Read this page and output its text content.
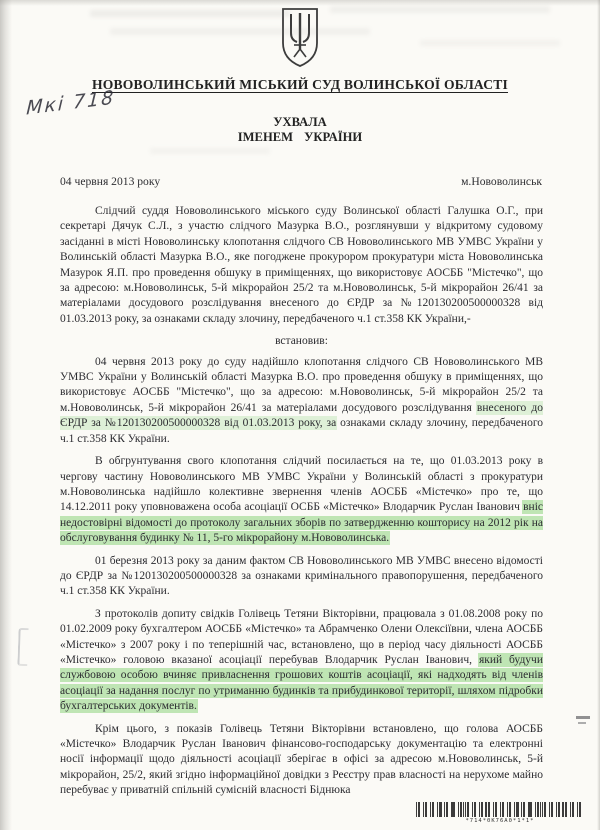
НОВОВОЛИНСЬКИЙ МІСЬКИЙ СУД ВОЛИНСЬКОЇ ОБЛАСТІ
Мкі 718
УХВАЛА
ІМЕНЕМ УКРАЇНИ
04 червня 2013 року	м.Нововолинськ

Слідчий суддя Нововолинського міського суду Волинської області Галушка О.Г., при секретарі Дячук С.Л., з участю слідчого Мазурка В.О., розглянувши у відкритому судовому засіданні в місті Нововолинську клопотання слідчого СВ Нововолинського МВ УМВС України у Волинській області Мазурка В.О., яке погоджене прокурором прокуратури міста Нововолинська Мазурок Я.П. про проведення обшуку в приміщеннях, що використовує АОСББ "Містечко", що за адресою: м.Нововолинськ, 5-й мікрорайон 25/2 та м.Нововолинськ, 5-й мікрорайон 26/41 за матеріалами досудового розслідування внесеного до ЄРДР за №120130200500000328 від 01.03.2013 року, за ознаками складу злочину, передбаченого ч.1 ст.358 КК України,-

встановив:

04 червня 2013 року до суду надійшло клопотання слідчого СВ Нововолинського МВ УМВС України у Волинській області Мазурка В.О. про проведення обшуку в приміщеннях, що використовує АОСББ "Містечко", що за адресою: м.Нововолинськ, 5-й мікрорайон 25/2 та м.Нововолинськ, 5-й мікрорайон 26/41 за матеріалами досудового розслідування внесеного до ЄРДР за №120130200500000328 від 01.03.2013 року, за ознаками складу злочину, передбаченого ч.1 ст.358 КК України.

В обгрунтування свого клопотання слідчий посилається на те, що 01.03.2013 року в чергову частину Нововолинського МВ УМВС України у Волинській області з прокуратури м.Нововолинська надійшло колективне звернення членів АОСББ «Містечко» про те, що 14.12.2011 року уповноважена особа асоціації ОСББ «Містечко» Влодарчик Руслан Іванович вніс недостовірні відомості до протоколу загальних зборів по затвердженню кошторису на 2012 рік на обслуговування будинку № 11, 5-го мікрорайону м.Нововолинська.

01 березня 2013 року за даним фактом СВ Нововолинського МВ УМВС внесено відомості до ЄРДР за №120130200500000328 за ознаками кримінального правопорушення, передбаченого ч.1 ст.358 КК України.

З протоколів допиту свідків Голівець Тетяни Вікторівни, працювала з 01.08.2008 року по 01.02.2009 року бухгалтером АОСББ «Містечко» та Абрамченко Олени Олексіївни, члена АОСББ «Містечко» з 2007 року і по теперішній час, встановлено, що в період часу діяльності АОСББ «Містечко» головою вказаної асоціації перебував Влодарчик Руслан Іванович, який будучи службовою особою вчиняє привласнення грошових коштів асоціації, які надходять від членів асоціації за надання послуг по утриманню будинків та прибудинкової території, шляхом підробки бухгалтерських документів.

Крім цього, з показів Голівець Тетяни Вікторівни встановлено, що голова АОСББ «Містечко» Влодарчик Руслан Іванович фінансово-господарську документацію та електронні носії інформації щодо діяльності асоціації зберігає в офісі за адресою м.Нововолинськ, 5-й мікрорайон, 25/2, який згідно інформаційної довідки з Реєстру прав власності на нерухоме майно перебуває у приватній спільній сумісній власності Біднюка

*714*0К76А0*1*1*
